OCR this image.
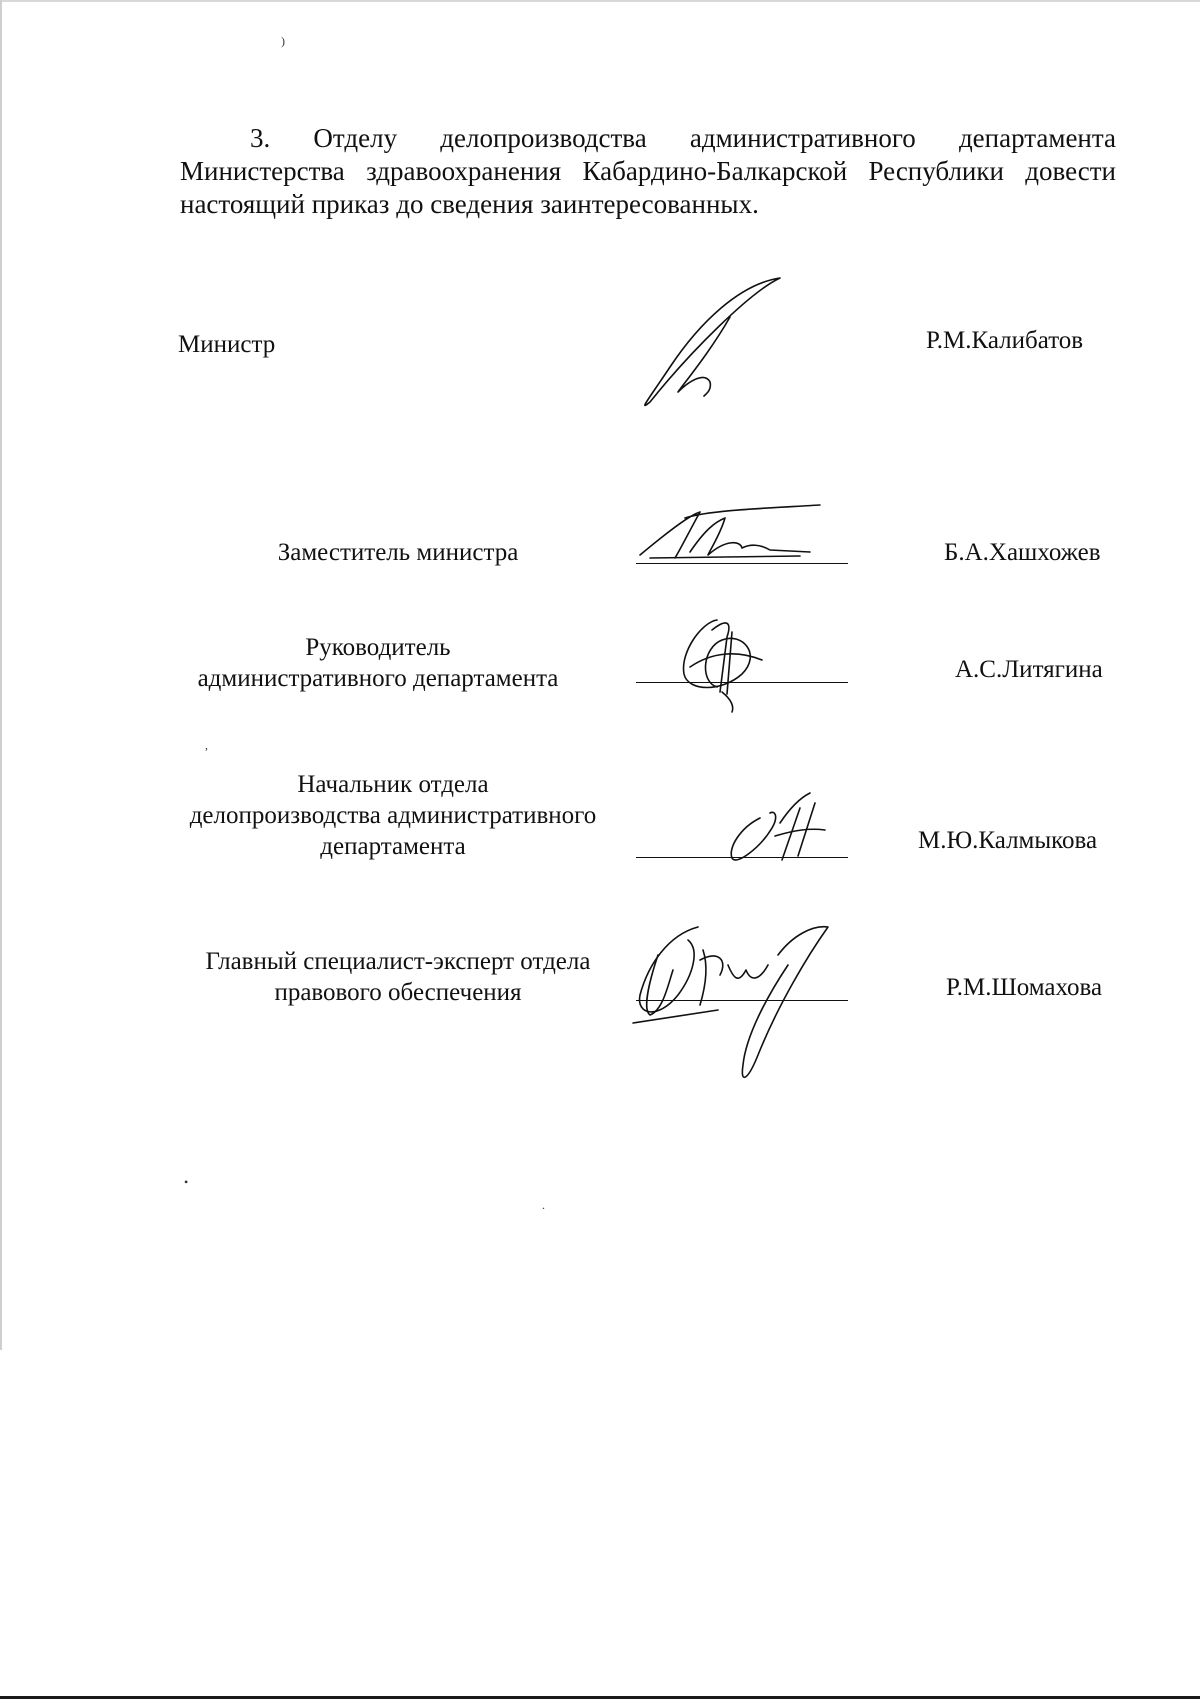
)
,
•
.
3. Отделу делопроизводства административного департамента Министерства здравоохранения Кабардино-Балкарской Республики довести настоящий приказ до сведения заинтересованных.
Министр	Р.М.Калибатов
Заместитель министра	Б.А.Хашхожев
Руководитель
административного департамента	А.С.Литягина
Начальник отдела
делопроизводства административного
департамента	М.Ю.Калмыкова
Главный специалист-эксперт отдела
правового обеспечения	Р.М.Шомахова
